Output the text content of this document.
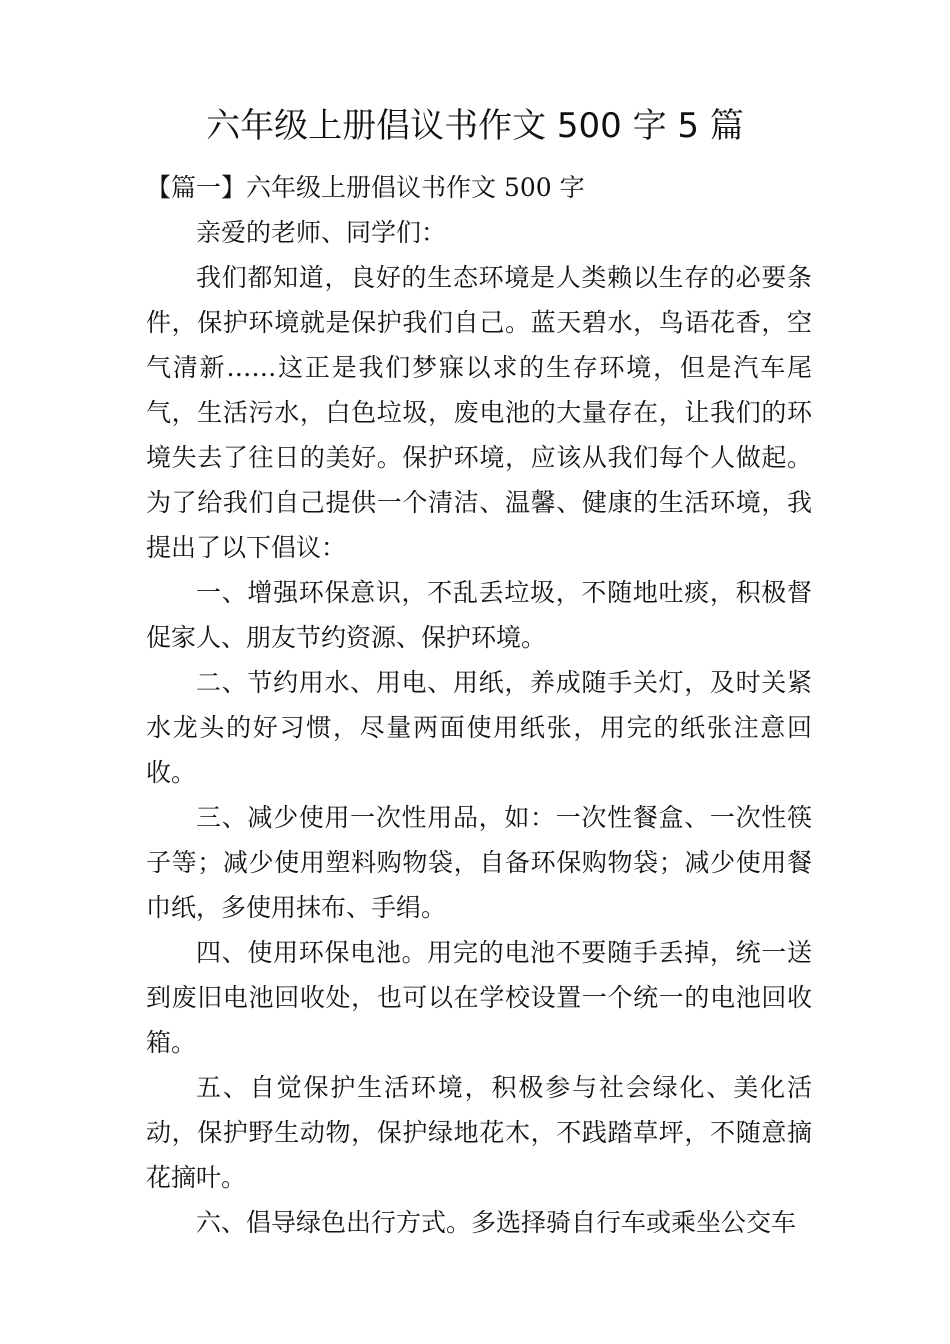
六年级上册倡议书作文 500 字 5 篇

【篇一】六年级上册倡议书作文 500 字

亲爱的老师、同学们：

我们都知道，良好的生态环境是人类赖以生存的必要条件，保护环境就是保护我们自己。蓝天碧水，鸟语花香，空气清新……这正是我们梦寐以求的生存环境，但是汽车尾气，生活污水，白色垃圾，废电池的大量存在，让我们的环境失去了往日的美好。保护环境，应该从我们每个人做起。为了给我们自己提供一个清洁、温馨、健康的生活环境，我提出了以下倡议：

一、增强环保意识，不乱丢垃圾，不随地吐痰，积极督促家人、朋友节约资源、保护环境。

二、节约用水、用电、用纸，养成随手关灯，及时关紧水龙头的好习惯，尽量两面使用纸张，用完的纸张注意回收。

三、减少使用一次性用品，如：一次性餐盒、一次性筷子等；减少使用塑料购物袋，自备环保购物袋；减少使用餐巾纸，多使用抹布、手绢。

四、使用环保电池。用完的电池不要随手丢掉，统一送到废旧电池回收处，也可以在学校设置一个统一的电池回收箱。

五、自觉保护生活环境，积极参与社会绿化、美化活动，保护野生动物，保护绿地花木，不践踏草坪，不随意摘花摘叶。

六、倡导绿色出行方式。多选择骑自行车或乘坐公交车
